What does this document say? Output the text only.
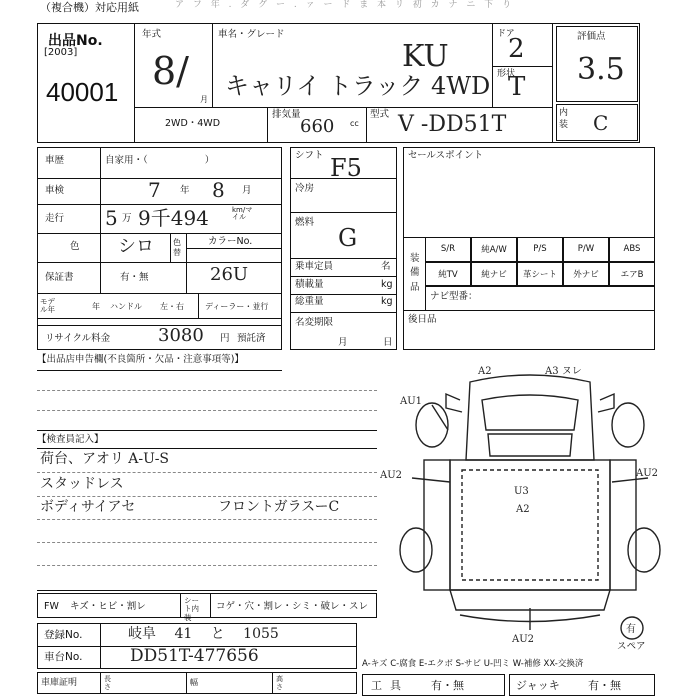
（複合機）対応用紙	ア フ 年 . ダ グ ー . ァ ー ド ま 本 リ 初 カ ナ ニ 下 り
出品No.
[2003]
40001
年式
8/
月
車名・グレード
KU
キャリイ トラック 4WD
ドア
2
形状
T
評価点
3.5
内装 C
2WD・4WD
排気量
660 cc
型式 V -DD51T
車歴	自家用・（　　　　　　）
車検	7 年 8 月
走行 5 万 9千494	km/マイル
色 シロ 色替
カラーNo.
保証書	有・無	26U
モデル年	年 ハンドル 左・右	ディーラー・並行
リサイクル料金	3080 円 預託済
シフト F5
冷房
燃料
G
乗車定員	名
積載量	kg
総重量	kg
名変期限
月	日
セールスポイント
装備品
S/R	純A/W	P/S	P/W	ABS
純TV	純ナビ	革シート	外ナビ	エアB
ナビ型番：
後日品
【出品店申告欄(不良箇所・欠品・注意事項等)】
【検査員記入】
荷台、アオリ A-U-S
スタッドレス
ボディサイアセ	フロントガラスーC
A2	A3 ヌレ
AU1
AU2	AU2
U3
A2
AU2
有
スペア
FW キズ・ヒビ・割レ
シート内装
コゲ・穴・割レ・シミ・破レ・スレ
登録No.	岐阜 41 と 1055
車台No.	DD51T-477656	A-キズ C-腐食 E-エクボ S-サビ U-凹ミ W-補修 XX-交換済
車庫証明	長さ	幅	高さ	工具 有・無	ジャッキ	有・無
